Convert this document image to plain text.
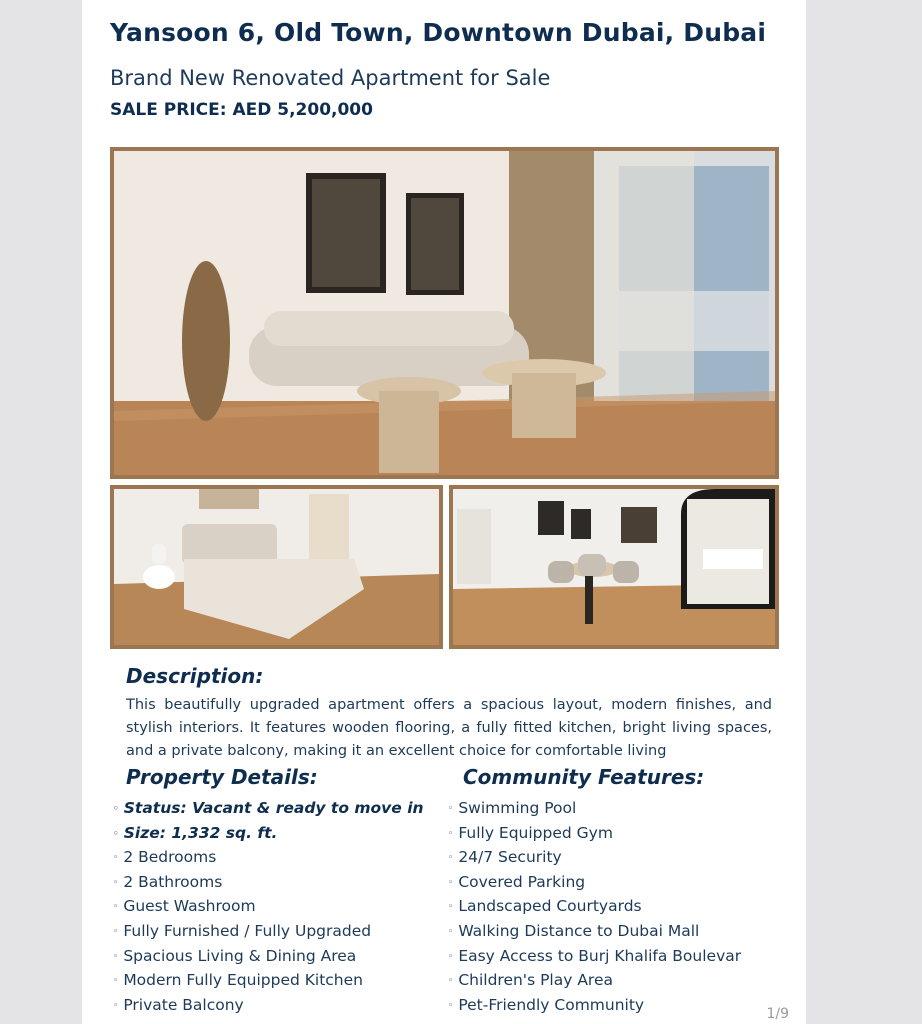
Yansoon 6, Old Town, Downtown Dubai, Dubai
Brand New Renovated Apartment for Sale
SALE PRICE: AED 5,200,000
Description:

This beautifully upgraded apartment offers a spacious layout, modern finishes, and stylish interiors. It features wooden flooring, a fully fitted kitchen, bright living spaces, and a private balcony, making it an excellent choice for comfortable living

Property Details:
◦ Status: Vacant & ready to move in
◦ Size: 1,332 sq. ft.
◦ 2 Bedrooms
◦ 2 Bathrooms
◦ Guest Washroom
◦ Fully Furnished / Fully Upgraded
◦ Spacious Living & Dining Area
◦ Modern Fully Equipped Kitchen
◦ Private Balcony
Community Features:
◦ Swimming Pool
◦ Fully Equipped Gym
◦ 24/7 Security
◦ Covered Parking
◦ Landscaped Courtyards
◦ Walking Distance to Dubai Mall
◦ Easy Access to Burj Khalifa Boulevar
◦ Children's Play Area
◦ Pet-Friendly Community
1/9
